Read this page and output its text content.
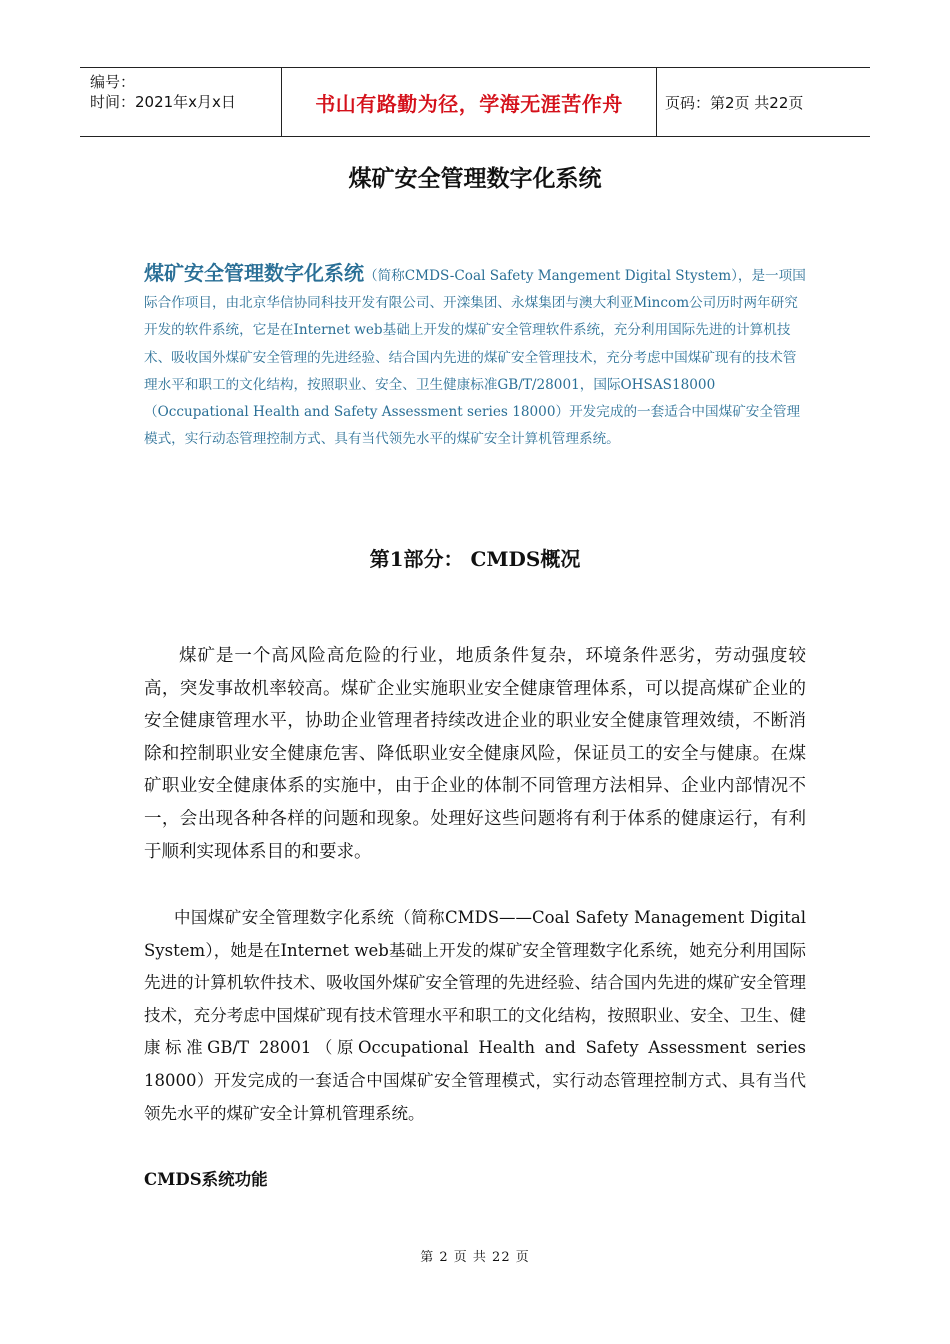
编号：
时间：2021年x月x日	书山有路勤为径，学海无涯苦作舟	页码：第2页 共22页
煤矿安全管理数字化系统
煤矿安全管理数字化系统（简称CMDS-Coal Safety Mangement Digital Stystem），是一项国际合作项目，由北京华信协同科技开发有限公司、开滦集团、永煤集团与澳大利亚Mincom公司历时两年研究开发的软件系统，它是在Internet web基础上开发的煤矿安全管理软件系统，充分利用国际先进的计算机技术、吸收国外煤矿安全管理的先进经验、结合国内先进的煤矿安全管理技术，充分考虑中国煤矿现有的技术管理水平和职工的文化结构，按照职业、安全、卫生健康标准GB/T/28001，国际OHSAS18000（Occupational Health and Safety Assessment series 18000）开发完成的一套适合中国煤矿安全管理模式，实行动态管理控制方式、具有当代领先水平的煤矿安全计算机管理系统。
第1部分： CMDS概况
煤矿是一个高风险高危险的行业，地质条件复杂，环境条件恶劣，劳动强度较高，突发事故机率较高。煤矿企业实施职业安全健康管理体系，可以提高煤矿企业的安全健康管理水平，协助企业管理者持续改进企业的职业安全健康管理效绩，不断消除和控制职业安全健康危害、降低职业安全健康风险，保证员工的安全与健康。在煤矿职业安全健康体系的实施中，由于企业的体制不同管理方法相异、企业内部情况不一，会出现各种各样的问题和现象。处理好这些问题将有利于体系的健康运行，有利于顺利实现体系目的和要求。
中国煤矿安全管理数字化系统（简称CMDS——Coal Safety Management Digital System），她是在Internet web基础上开发的煤矿安全管理数字化系统，她充分利用国际先进的计算机软件技术、吸收国外煤矿安全管理的先进经验、结合国内先进的煤矿安全管理技术，充分考虑中国煤矿现有技术管理水平和职工的文化结构，按照职业、安全、卫生、健康标准GB/T 28001（原Occupational Health and Safety Assessment series 18000）开发完成的一套适合中国煤矿安全管理模式，实行动态管理控制方式、具有当代领先水平的煤矿安全计算机管理系统。
CMDS系统功能
第 2 页 共 22 页
